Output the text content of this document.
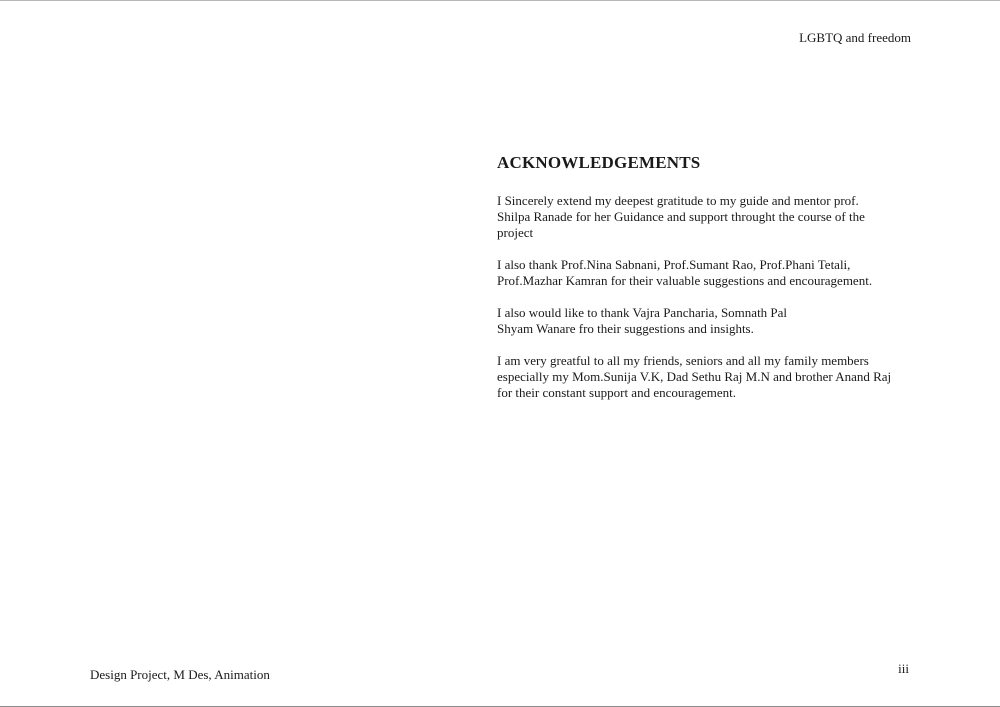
LGBTQ and freedom
ACKNOWLEDGEMENTS

I Sincerely extend my deepest gratitude to my guide and mentor prof.
Shilpa Ranade for her Guidance and support throught the course of the
project

I also thank Prof.Nina Sabnani, Prof.Sumant Rao, Prof.Phani Tetali,
Prof.Mazhar Kamran for their valuable suggestions and encouragement.

I also would like to thank Vajra Pancharia, Somnath Pal
Shyam Wanare fro their suggestions and insights.

I am very greatful to all my friends, seniors and all my family members
especially my Mom.Sunija V.K, Dad Sethu Raj M.N and brother Anand Raj
for their constant support and encouragement.

Design Project, M Des, Animation	iii
